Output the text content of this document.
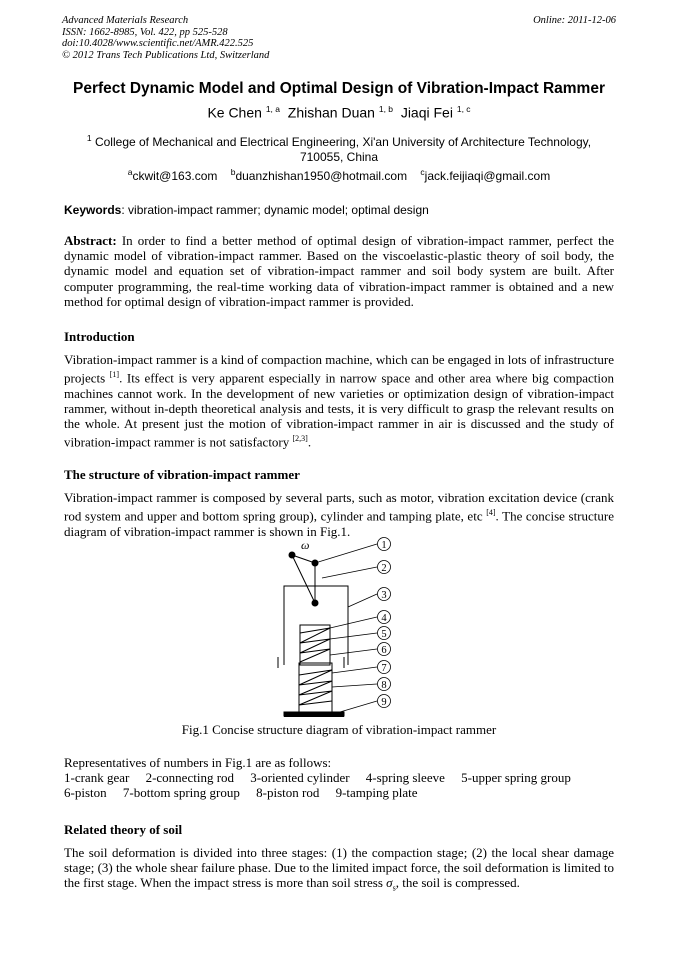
Advanced Materials Research
ISSN: 1662-8985, Vol. 422, pp 525-528
doi:10.4028/www.scientific.net/AMR.422.525
© 2012 Trans Tech Publications Ltd, Switzerland
Online: 2011-12-06
Perfect Dynamic Model and Optimal Design of Vibration-Impact Rammer
Ke Chen $^{1, a}$ Zhishan Duan $^{1, b}$ Jiaqi Fei $^{1, c}$
$^1$ College of Mechanical and Electrical Engineering, Xi'an University of Architecture Technology, 710055, China
$^a$ckwit@163.com $^b$duanzhishan1950@hotmail.com $^c$jack.feijiaqi@gmail.com
Keywords: vibration-impact rammer; dynamic model; optimal design
Abstract: In order to find a better method of optimal design of vibration-impact rammer, perfect the dynamic model of vibration-impact rammer. Based on the viscoelastic-plastic theory of soil body, the dynamic model and equation set of vibration-impact rammer and soil body system are built. After computer programming, the real-time working data of vibration-impact rammer is obtained and a new method for optimal design of vibration-impact rammer is provided.
Introduction
Vibration-impact rammer is a kind of compaction machine, which can be engaged in lots of infrastructure projects [1]. Its effect is very apparent especially in narrow space and other area where big compaction machines cannot work. In the development of new varieties or optimization design of vibration-impact rammer, without in-depth theoretical analysis and tests, it is very difficult to grasp the relevant results on the whole. At present just the motion of vibration-impact rammer in air is discussed and the study of vibration-impact rammer is not satisfactory [2,3].
The structure of vibration-impact rammer
Vibration-impact rammer is composed by several parts, such as motor, vibration excitation device (crank rod system and upper and bottom spring group), cylinder and tamping plate, etc [4]. The concise structure diagram of vibration-impact rammer is shown in Fig.1.
ω	1
2
3
4
5
6
7
8
9
Fig.1 Concise structure diagram of vibration-impact rammer
Representatives of numbers in Fig.1 are as follows:
1-crank gear 2-connecting rod 3-oriented cylinder 4-spring sleeve 5-upper spring group
6-piston 7-bottom spring group 8-piston rod 9-tamping plate
Related theory of soil
The soil deformation is divided into three stages: (1) the compaction stage; (2) the local shear damage stage; (3) the whole shear failure phase. Due to the limited impact force, the soil deformation is limited to the first stage. When the impact stress is more than soil stress $\sigma_s$, the soil is compressed.
